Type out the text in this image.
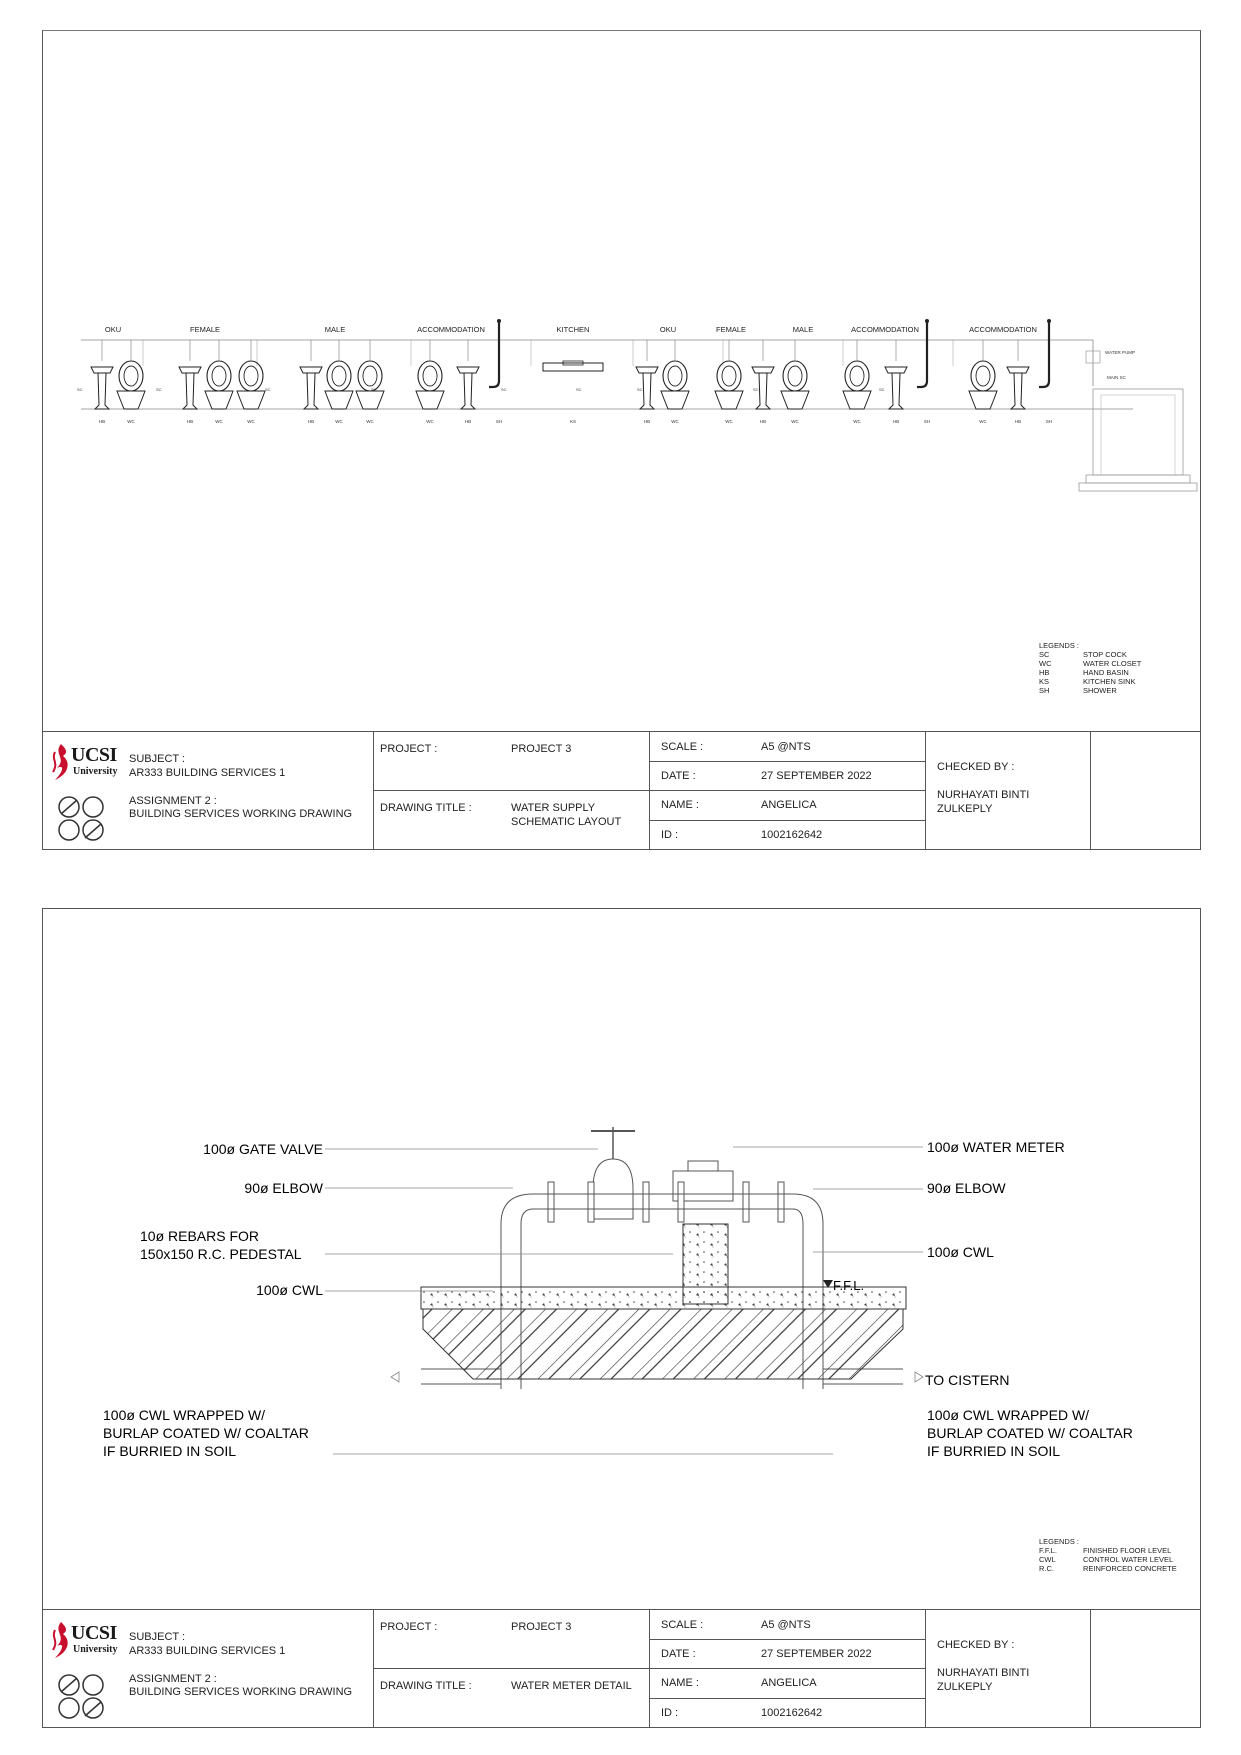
OKU	FEMALE	MALE	ACCOMMODATION	KITCHEN	OKU	FEMALE	MALE	ACCOMMODATION	ACCOMMODATION
HB	WC	HB	WC	WC	HB	WC	WC	WC	HB	SH	KS	HB	WC	WC	HB	WC	WC	HB	SH	WC	HB	SH
SC	SC	SC	SC	SC	SC	SC	SC	SC
WATER PUMP
MAIN SC
LEGENDS :
SC	STOP COCK
WC	WATER CLOSET
HB	HAND BASIN
KS	KITCHEN SINK
SH	SHOWER
UCSI
University
SUBJECT :
AR333 BUILDING SERVICES 1
ASSIGNMENT 2 :
BUILDING SERVICES WORKING DRAWING
PROJECT :	PROJECT 3
DRAWING TITLE :	WATER SUPPLY
SCHEMATIC LAYOUT
SCALE :	A5 @NTS
DATE :	27 SEPTEMBER 2022
NAME :	ANGELICA
ID :	1002162642
CHECKED BY :
NURHAYATI BINTI
ZULKEPLY
100ø GATE VALVE
90ø ELBOW
10ø REBARS FOR
150x150 R.C. PEDESTAL
100ø CWL
100ø CWL WRAPPED W/
BURLAP COATED W/ COALTAR
IF BURRIED IN SOIL
100ø WATER METER
90ø ELBOW
100ø CWL
TO CISTERN
100ø CWL WRAPPED W/
BURLAP COATED W/ COALTAR
IF BURRIED IN SOIL
F.F.L.
LEGENDS :
F.F.L.	FINISHED FLOOR LEVEL
CWL	CONTROL WATER LEVEL
R.C.	REINFORCED CONCRETE
UCSI
University
SUBJECT :
AR333 BUILDING SERVICES 1
ASSIGNMENT 2 :
BUILDING SERVICES WORKING DRAWING
PROJECT :	PROJECT 3
DRAWING TITLE :	WATER METER DETAIL
SCALE :	A5 @NTS
DATE :	27 SEPTEMBER 2022
NAME :	ANGELICA
ID :	1002162642
CHECKED BY :
NURHAYATI BINTI
ZULKEPLY
